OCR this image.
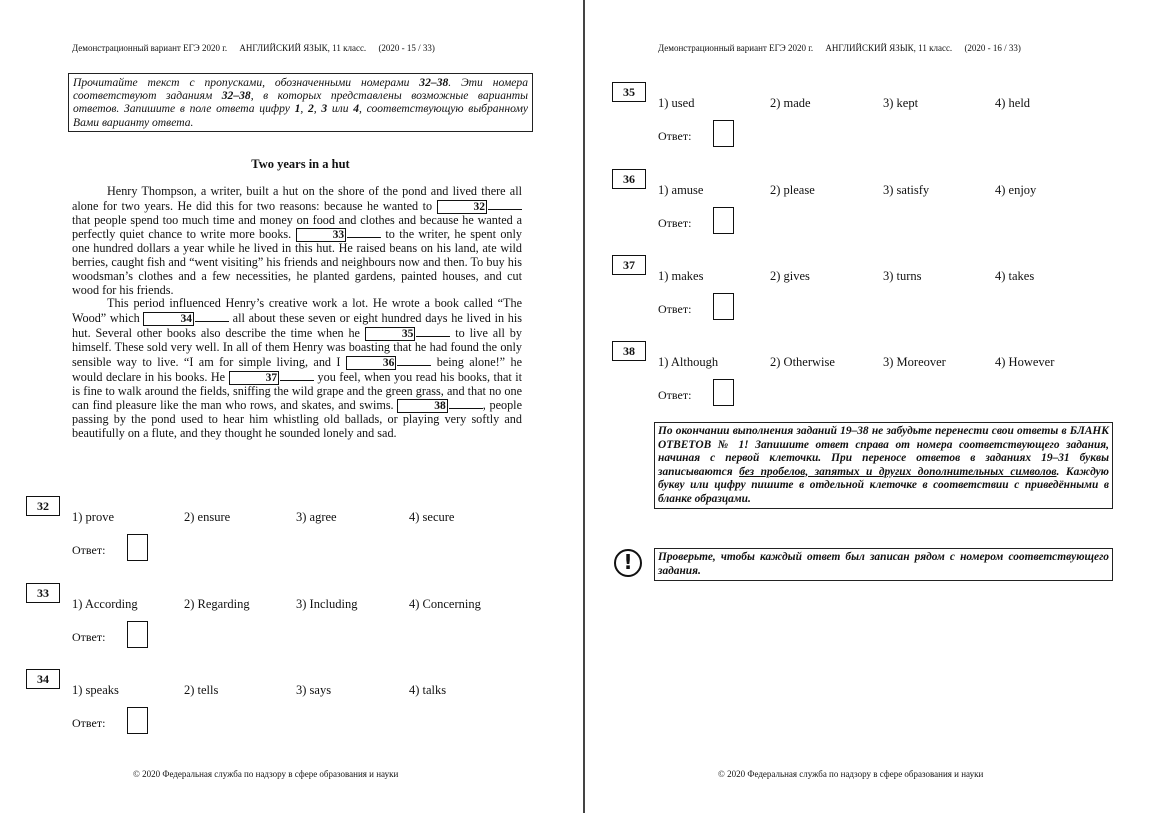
Демонстрационный вариант ЕГЭ 2020 г. АНГЛИЙСКИЙ ЯЗЫК, 11 класс. (2020 - 15 / 33)
Прочитайте текст с пропусками, обозначенными номерами 32–38. Эти номера соответствуют заданиям 32–38, в которых представлены возможные варианты ответов. Запишите в поле ответа цифру 1, 2, 3 или 4, соответствующую выбранному Вами варианту ответа.
Two years in a hut

Henry Thompson, a writer, built a hut on the shore of the pond and lived there all alone for two years. He did this for two reasons: because he wanted to	32 that people spend too much time and money on food and clothes and because he wanted a perfectly quiet chance to write more books.	33	to the writer, he spent only one hundred dollars a year while he lived in this hut. He raised beans on his land, ate wild berries, caught fish and “went visiting” his friends and neighbours now and then. To buy his woodsman’s clothes and a few necessities, he planted gardens, painted houses, and cut wood for his friends.

This period influenced Henry’s creative work a lot. He wrote a book called “The Wood” which	34	all about these seven or eight hundred days he lived in his hut. Several other books also describe the time when he	35	to live all by himself. These sold very well. In all of them Henry was boasting that he had found the only sensible way to live. “I am for simple living, and I	36	being alone!” he would declare in his books. He	37	you feel, when you read his books, that it is fine to walk around the fields, sniffing the wild grape and the green grass, and that no one can find pleasure like the man who rows, and skates, and swims.	38	, people passing by the pond used to hear him whistling old ballads, or playing very softly and beautifully on a flute, and they thought he sounded lonely and sad.

32
1) prove	2) ensure	3) agree	4) secure
Ответ:
33
1) According	2) Regarding	3) Including	4) Concerning
Ответ:
34
1) speaks	2) tells	3) says	4) talks
Ответ:
© 2020 Федеральная служба по надзору в сфере образования и науки
Демонстрационный вариант ЕГЭ 2020 г. АНГЛИЙСКИЙ ЯЗЫК, 11 класс. (2020 - 16 / 33)
35
1) used	2) made	3) kept	4) held
Ответ:
36
1) amuse	2) please	3) satisfy	4) enjoy
Ответ:
37
1) makes	2) gives	3) turns	4) takes
Ответ:
38
1) Although	2) Otherwise	3) Moreover	4) However
Ответ:
По окончании выполнения заданий 19–38 не забудьте перенести свои ответы в БЛАНК ОТВЕТОВ № 1! Запишите ответ справа от номера соответствующего задания, начиная с первой клеточки. При переносе ответов в заданиях 19–31 буквы записываются без пробелов, запятых и других дополнительных символов. Каждую букву или цифру пишите в отдельной клеточке в соответствии с приведёнными в бланке образцами.
!	Проверьте, чтобы каждый ответ был записан рядом с номером соответствующего задания.
© 2020 Федеральная служба по надзору в сфере образования и науки
